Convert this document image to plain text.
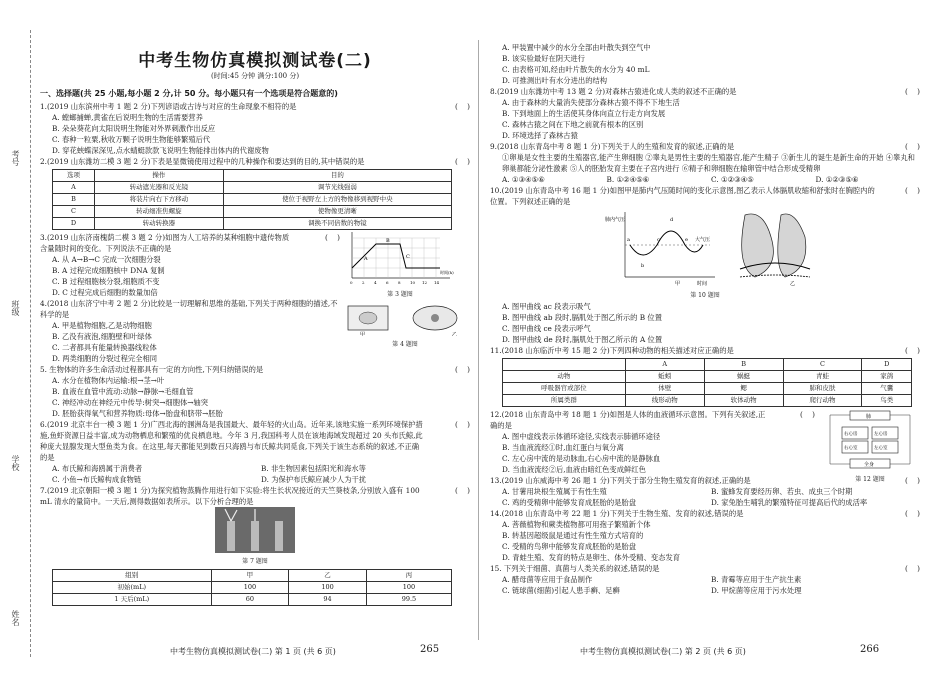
考号
班级
学校
姓名
中考生物仿真模拟测试卷(二)
(时间:45 分钟 满分:100 分)
一、选择题(共 25 小题,每小题 2 分,计 50 分。每小题只有一个选项是符合题意的)
1.(2019 山东滨州中考 1 题 2 分)下列谚语或古诗与对应的生命现象不相符的是	(    )
A. 螳螂捕蝉,黄雀在后说明生物的生活需要营养
B. 朵朵葵花向太阳说明生物能对外界刺激作出反应
C. 春种一粒粟,秋收万颗子说明生物能够繁殖后代
D. 穿花蛱蝶深深见,点水蜻蜓款款飞说明生物能排出体内的代谢废物
2.(2019 山东潍坊二模 3 题 2 分)下表是显微镜使用过程中的几种操作和要达到的目的,其中错误的是	(    )
选项	操作	目的
A	转动遮光器和反光镜	调节光线强弱
B	将装片向右下方移动	使位于视野左上方的物像移到视野中央
C	转动细准焦螺旋	使物像更清晰
D	转动转换器	调换不同倍数的物镜
3.(2019 山东济南槐荫二模 3 题 2 分)如图为人工培养的某种细胞中遗传物质含量随时间的变化。下列说法不正确的是
(    )
A. 从 A→B→C 完成一次细胞分裂
B. A 过程完成细胞核中 DNA 复制
C. B 过程细胞核分裂,细胞质不变
D. C 过程完成后细胞的数量加倍
A
B
C
0 2 4 6 8 10 12 14
时间(h)
第 3 题图
4.(2018 山东济宁中考 2 题 2 分)比较是一切理解和思维的基础,下列关于两种细胞的描述,不科学的是
A. 甲是植物细胞,乙是动物细胞
B. 乙没有液泡,细胞壁和叶绿体
C. 二者都具有能量转换器线粒体
D. 两类细胞的分裂过程完全相同
甲	乙
第 4 题图
5. 生物体的许多生命活动过程都具有一定的方向性,下列归纳错误的是	(    )
A. 水分在植物体内运输:根→茎→叶
B. 血液在血管中流动:动脉→静脉→毛细血管
C. 神经冲动在神经元中传导:树突→细胞体→轴突
D. 胚胎获得氧气和营养物质:母体→胎盘和脐带→胚胎
6.(2019 北京丰台一模 3 题 1 分)广西北海的涠洲岛是我国最大、最年轻的火山岛。近年来,该地实施一系列环境保护措施,鱼虾资源日益丰富,成为动物栖息和繁殖的优良栖息地。今年 3 月,我国科考人员在该地海域发现超过 20 头布氏鲸,此种庞大显腺发现大型鱼类为食。在这里,每天都能见到数百只海鸥与布氏鲸共同觅食,下列关于该生态系统的叙述,不正确的是
(    )
A. 布氏鲸和海鸥属于消费者	B. 非生物因素包括阳光和海水等
C. 小鱼→布氏鲸构成食物链	D. 为保护布氏鲸应减少人为干扰
7.(2019 北京朝阳一模 3 题 1 分)为探究植物蒸腾作用进行如下实验:将生长状况接近的天竺葵枝条,分别放入盛有 100 mL 清水的量筒中。一天后,测得数据如表所示。以下分析合理的是
(    )
第 7 题图
组别	甲	乙	丙
初始(mL)	100	100	100
1 天后(mL)	60	94	99.5
A. 甲装置中减少的水分全部由叶散失到空气中
B. 该实验最好在阴天进行
C. 由表格可知,经由叶片散失的水分为 40 mL
D. 可推测出叶有水分进出的结构
8.(2019 山东潍坊中考 13 题 2 分)对森林古猿进化成人类的叙述不正确的是	(    )
A. 由于森林的大量消失使部分森林古猿不得不下地生活
B. 下到地面上的生活使其身体向直立行走方向发展
C. 森林古猿之间在下地之前就有根本的区别
D. 环境选择了森林古猿
9.(2018 山东青岛中考 8 题 1 分)下列关于人的生殖和发育的叙述,正确的是	(    )
①卵巢是女性主要的生殖器官,能产生卵细胞 ②睾丸是男性主要的生殖器官,能产生精子 ③新生儿的诞生是新生命的开始 ④睾丸和卵巢都能分泌性激素 ⑤人的胚胎发育主要在子宫内进行 ⑥精子和卵细胞在输卵管中结合形成受精卵
A. ①③④⑤⑥	B. ①②④⑤⑥	C. ①②③④⑤	D. ①②③⑤⑥
10.(2019 山东青岛中考 16 题 1 分)如图甲是肺内气压随时间的变化示意图,图乙表示人体膈肌收缩和舒张时在胸腔内的位置。下列叙述正确的是
(    )
肺内气压
时间
大气压
a
b
c
d
e
甲	乙
第 10 题图
A. 图甲曲线 ac 段表示吸气
B. 图甲曲线 ab 段时,膈肌处于图乙所示的 B 位置
C. 图甲曲线 ce 段表示呼气
D. 图甲曲线 de 段时,膈肌处于图乙所示的 A 位置
11.(2018 山东临沂中考 15 题 2 分)下列四种动物的相关描述对应正确的是	(    )
	A	B	C	D
动物	蚯蚓	蜗蜓	青蛙	家鸽
呼吸器官或部位	体壁	鳃	肺和皮肤	气囊
所属类群	线形动物	软体动物	爬行动物	鸟类
12.(2018 山东青岛中考 18 题 1 分)如图是人体的血液循环示意图。下列有关叙述,正确的是
(    )
A. 图中虚线表示体循环途径,实线表示肺循环途径
B. 当血液流经①时,血红蛋白与氧分离
C. 左心房中流的是动脉血,右心房中流的是静脉血
D. 当血液流经②后,血液由暗红色变成鲜红色
肺
右心房	左心房
右心室	左心室
全身
第 12 题图
13.(2019 山东威海中考 26 题 1 分)下列关于部分生物生殖发育的叙述,正确的是	(    )
A. 甘薯用块根生殖属于有性生殖	B. 蜜蜂发育要经历卵、若虫、成虫三个时期
C. 鸡的受精卵中能够发育成胚胎的是胎盘	D. 家兔胎生哺乳的繁殖特征可提高后代的成活率
14.(2018 山东青岛中考 22 题 1 分)下列关于生物生殖、发育的叙述,错误的是	(    )
A. 菩薇植物和蕨类植物都可用孢子繁殖新个体
B. 转基因超级鼠是通过有性生殖方式培育的
C. 受精的鸟卵中能够发育成胚胎的是胎盘
D. 青蛙生殖、发育的特点是卵生、体外受精、变态发育
15. 下列关于细菌、真菌与人类关系的叙述,错误的是	(    )
A. 醋母菌等应用于食品制作	B. 青霉等应用于生产抗生素
C. 链球菌(细菌)引起人患手癣、足癣	D. 甲烷菌等应用于污水处理
中考生物仿真模拟测试卷(二) 第 1 页 (共 6 页)	265	中考生物仿真模拟测试卷(二) 第 2 页 (共 6 页)	266
